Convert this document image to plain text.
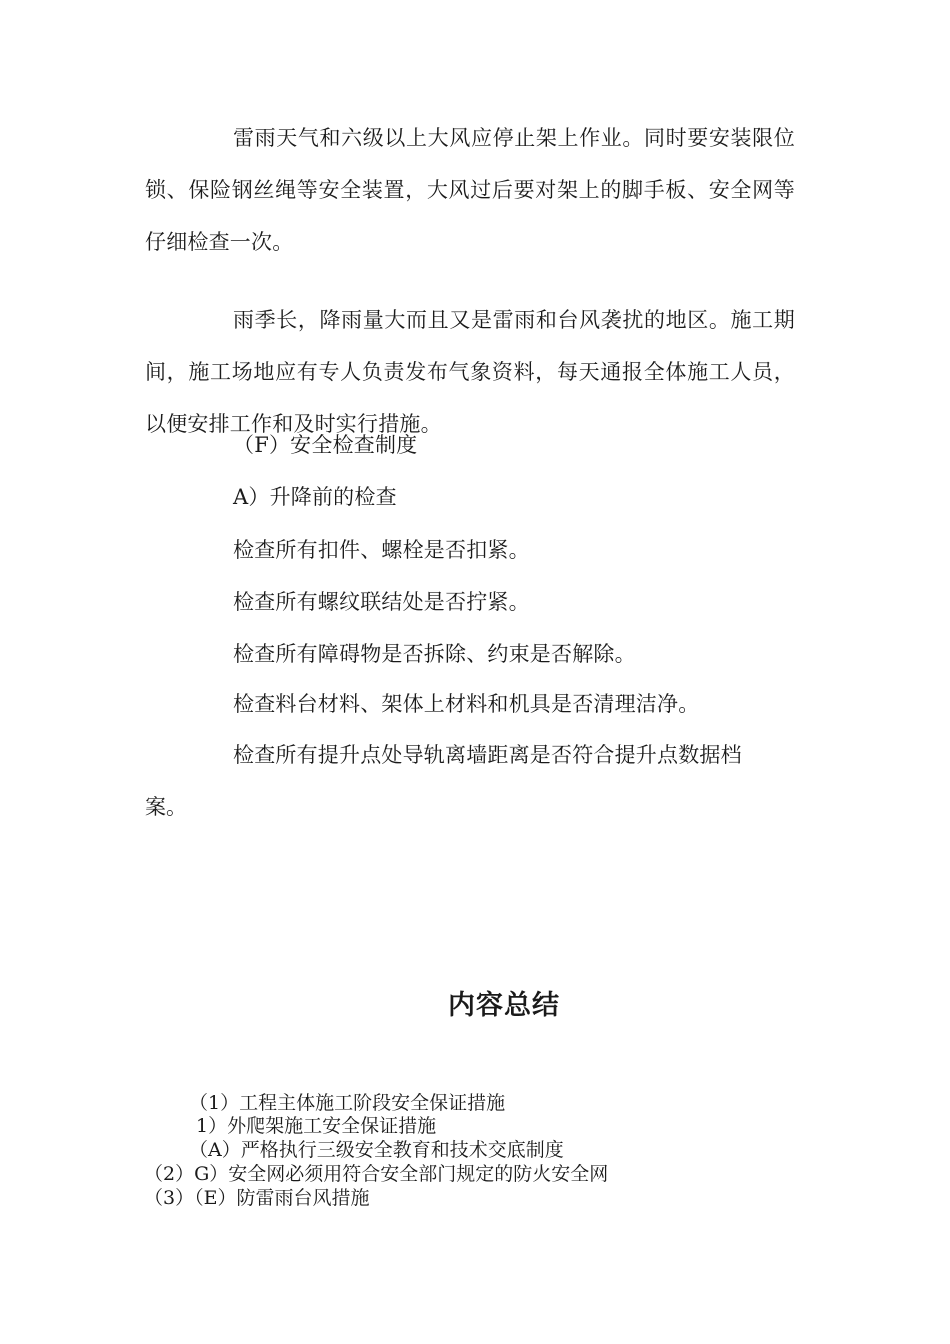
雷雨天气和六级以上大风应停止架上作业。同时要安装限位锁、保险钢丝绳等安全装置，大风过后要对架上的脚手板、安全网等仔细检查一次。

雨季长，降雨量大而且又是雷雨和台风袭扰的地区。施工期间，施工场地应有专人负责发布气象资料，每天通报全体施工人员，以便安排工作和及时实行措施。

（F）安全检查制度

A）升降前的检查

检查所有扣件、螺栓是否扣紧。

检查所有螺纹联结处是否拧紧。

检查所有障碍物是否拆除、约束是否解除。

检查料台材料、架体上材料和机具是否清理洁净。

检查所有提升点处导轨离墙距离是否符合提升点数据档

案。

内容总结

（1）工程主体施工阶段安全保证措施

1）外爬架施工安全保证措施

（A）严格执行三级安全教育和技术交底制度

（2）G）安全网必须用符合安全部门规定的防火安全网

（3）（E）防雷雨台风措施
